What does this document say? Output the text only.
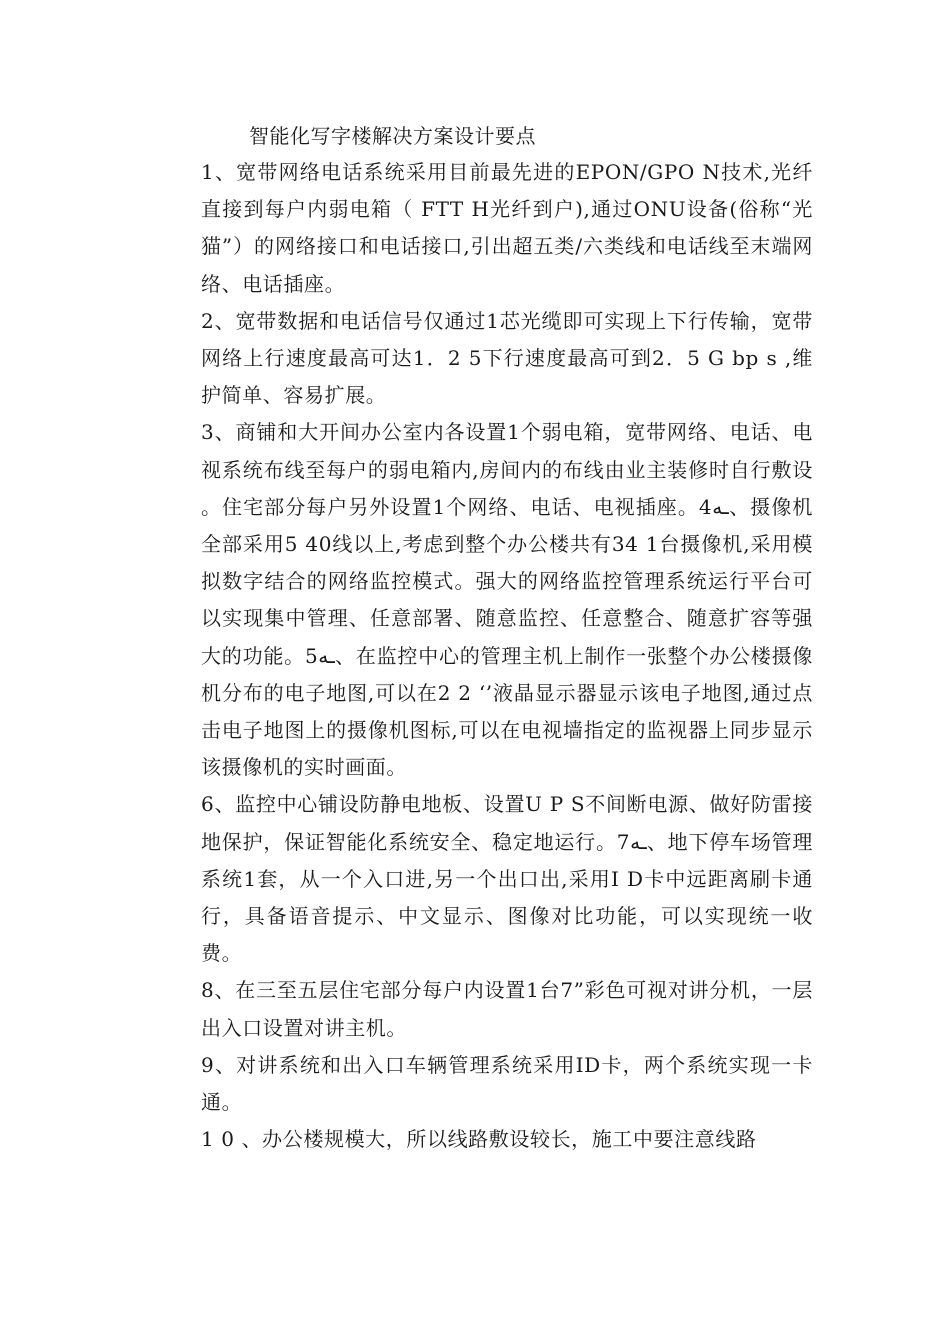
智能化写字楼解决方案设计要点

1、宽带网络电话系统采用目前最先进的EPON/GPO N技术,光纤直接到每户内弱电箱（ FTT H光纤到户),通过ONU设备(俗称“光猫”）的网络接口和电话接口,引出超五类/六类线和电话线至末端网络、电话插座。

2、宽带数据和电话信号仅通过1芯光缆即可实现上下行传输，宽带网络上行速度最高可达1．2 5下行速度最高可到2．5 G bp s ,维护简单、容易扩展。

3、商铺和大开间办公室内各设置1个弱电箱，宽带网络、电话、电视系统布线至每户的弱电箱内,房间内的布线由业主装修时自行敷设 。住宅部分每户另外设置1个网络、电话、电视插座。4ـه、摄像机全部采用5 40线以上,考虑到整个办公楼共有34 1台摄像机,采用模拟数字结合的网络监控模式。强大的网络监控管理系统运行平台可以实现集中管理、任意部署、随意监控、任意整合、随意扩容等强大的功能。5ـه、在监控中心的管理主机上制作一张整个办公楼摄像机分布的电子地图,可以在2 2 ‘’液晶显示器显示该电子地图,通过点击电子地图上的摄像机图标,可以在电视墙指定的监视器上同步显示该摄像机的实时画面。

6、监控中心铺设防静电地板、设置U P S不间断电源、做好防雷接地保护，保证智能化系统安全、稳定地运行。7ـه、地下停车场管理系统1套，从一个入口进,另一个出口出,采用I D卡中远距离刷卡通行，具备语音提示、中文显示、图像对比功能，可以实现统一收费。

8、在三至五层住宅部分每户内设置1台7”彩色可视对讲分机，一层出入口设置对讲主机。

9、对讲系统和出入口车辆管理系统采用ID卡，两个系统实现一卡通。

1 0 、办公楼规模大，所以线路敷设较长，施工中要注意线路
